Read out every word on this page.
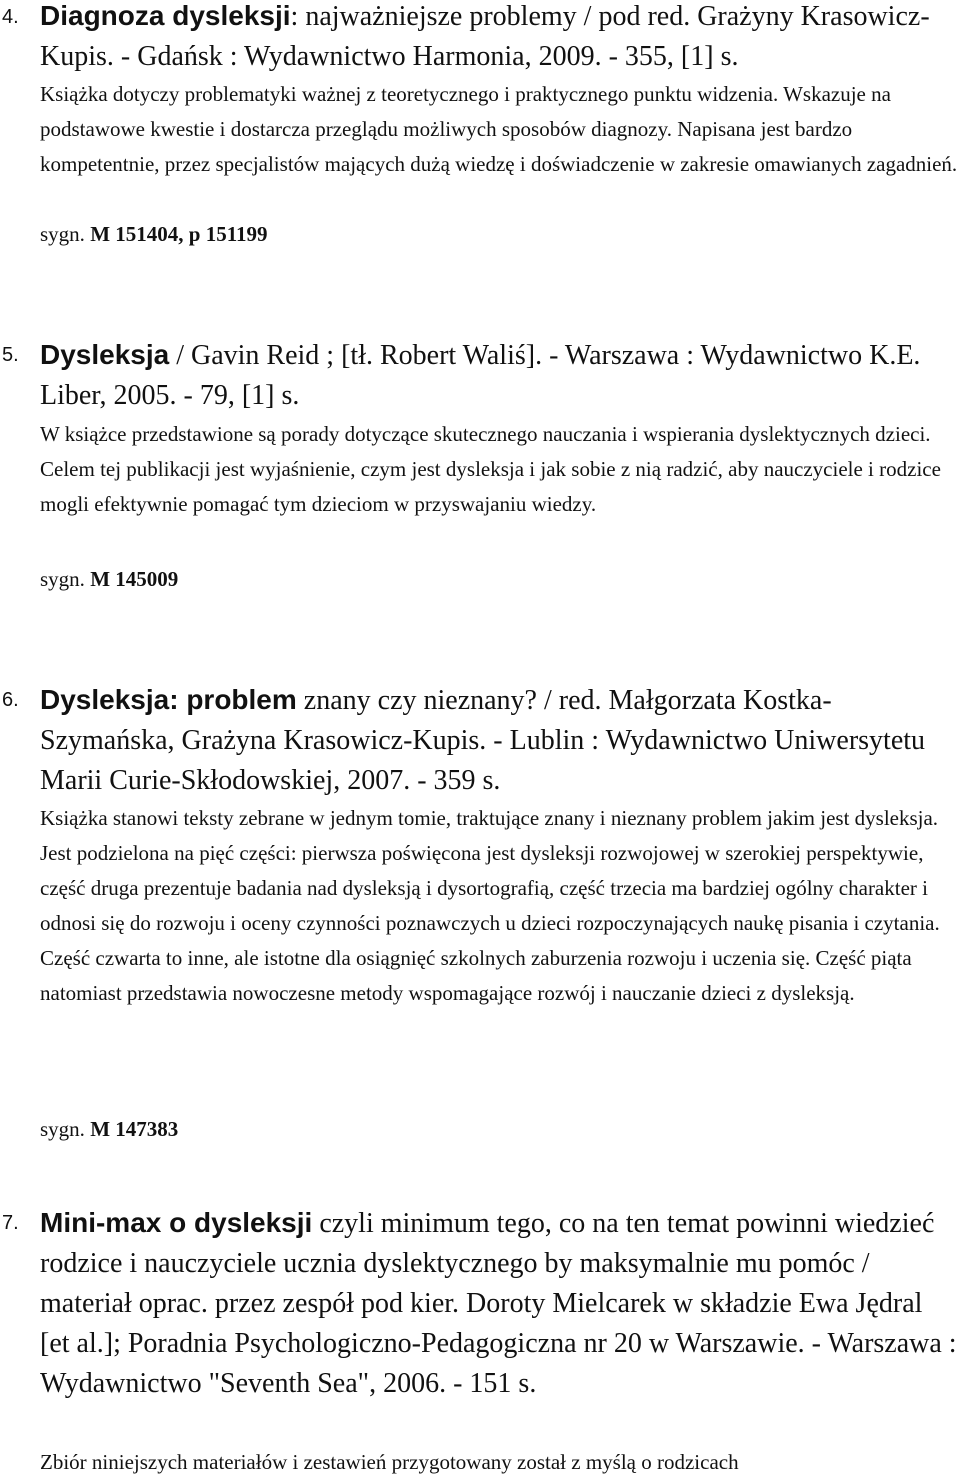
4. Diagnoza dysleksji: najważniejsze problemy / pod red. Grażyny Krasowicz-Kupis. - Gdańsk : Wydawnictwo Harmonia, 2009. - 355, [1] s.
Książka dotyczy problematyki ważnej z teoretycznego i praktycznego punktu widzenia. Wskazuje na podstawowe kwestie i dostarcza przeglądu możliwych sposobów diagnozy. Napisana jest bardzo kompetentnie, przez specjalistów mających dużą wiedzę i doświadczenie w zakresie omawianych zagadnień.
sygn. M 151404, p 151199
5. Dysleksja / Gavin Reid ; [tł. Robert Waliś]. - Warszawa : Wydawnictwo K.E. Liber, 2005. - 79, [1] s.
W książce przedstawione są porady dotyczące skutecznego nauczania i wspierania dyslektycznych dzieci. Celem tej publikacji jest wyjaśnienie, czym jest dysleksja i jak sobie z nią radzić, aby nauczyciele i rodzice mogli efektywnie pomagać tym dzieciom w przyswajaniu wiedzy.
sygn. M 145009
6. Dysleksja: problem znany czy nieznany? / red. Małgorzata Kostka-Szymańska, Grażyna Krasowicz-Kupis. - Lublin : Wydawnictwo Uniwersytetu Marii Curie-Skłodowskiej, 2007. - 359 s.
Książka stanowi teksty zebrane w jednym tomie, traktujące znany i nieznany problem jakim jest dysleksja. Jest podzielona na pięć części: pierwsza poświęcona jest dysleksji rozwojowej w szerokiej perspektywie, część druga prezentuje badania nad dysleksją i dysortografią, część trzecia ma bardziej ogólny charakter i odnosi się do rozwoju i oceny czynności poznawczych u dzieci rozpoczynających naukę pisania i czytania. Część czwarta to inne, ale istotne dla osiągnięć szkolnych zaburzenia rozwoju i uczenia się. Część piąta natomiast przedstawia nowoczesne metody wspomagające rozwój i nauczanie dzieci z dysleksją.
sygn. M 147383
7. Mini-max o dysleksji czyli minimum tego, co na ten temat powinni wiedzieć rodzice i nauczyciele ucznia dyslektycznego by maksymalnie mu pomóc / materiał oprac. przez zespół pod kier. Doroty Mielcarek w składzie Ewa Jędral [et al.]; Poradnia Psychologiczno-Pedagogiczna nr 20 w Warszawie. - Warszawa : Wydawnictwo "Seventh Sea", 2006. - 151 s.
Zbiór niniejszych materiałów i zestawień przygotowany został z myślą o rodzicach
